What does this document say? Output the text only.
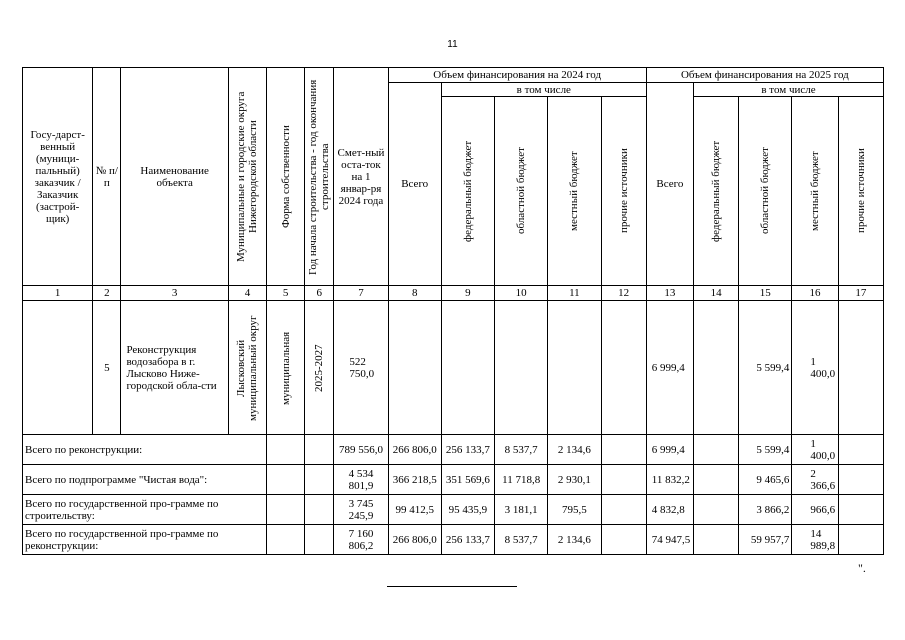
11
Госу-дарст-венный (муници-пальный) заказчик / Заказчик (застрой-щик)	№ п/п	Наименование объекта	Муниципальные и городские округа Нижегородской области	Форма собственности	Год начала строительства - год окончания строительства	Смет-ный оста-ток на 1 январ-ря 2024 года	Объем финансирования на 2024 год					Объем финансирования на 2025 год				
							Всего	в том числе				Всего	в том числе			

								федеральный бюджет	областной бюджет	местный бюджет	прочие источники		федеральный бюджет	областной бюджет	местный бюджет	прочие источники

1	2	3	4	5	6	7	8	9	10	11	12	13	14	15	16	17
	5	Реконструкция водозабора в г. Лысково Ниже-городской обла-сти	Лысковский муниципальный округ	муниципальная	2025-2027	522 750,0						6 999,4		5 599,4	1 400,0	
Всего по реконструкции:						789 556,0	266 806,0	256 133,7	8 537,7	2 134,6		6 999,4		5 599,4	1 400,0	
Всего по подпрограмме "Чистая вода":						4 534 801,9	366 218,5	351 569,6	11 718,8	2 930,1		11 832,2		9 465,6	2 366,6	
Всего по государственной про-грамме по строительству:						3 745 245,9	99 412,5	95 435,9	3 181,1	795,5		4 832,8		3 866,2	966,6	
Всего по государственной про-грамме по реконструкции:						7 160 806,2	266 806,0	256 133,7	8 537,7	2 134,6		74 947,5		59 957,7	14 989,8	
".
